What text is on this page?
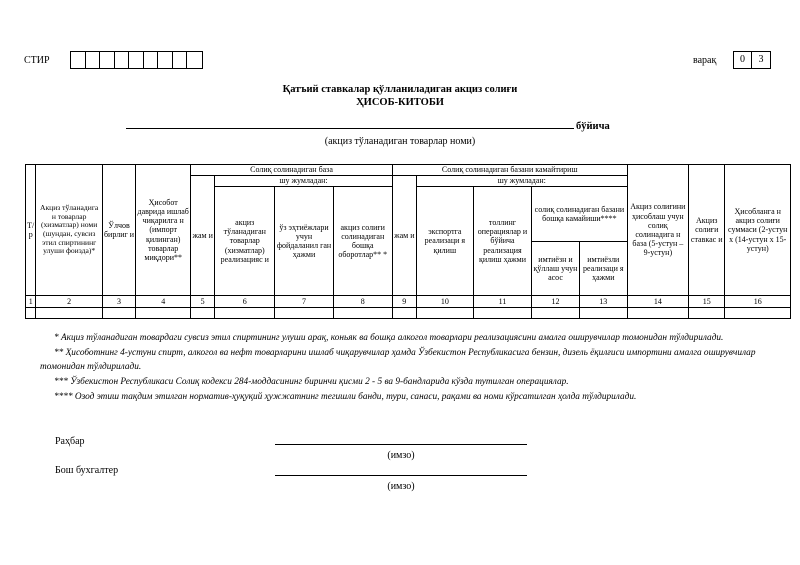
СТИР	варақ	0	3
Қатъий ставкалар қўлланиладиган акциз солиғи
ҲИСОБ-КИТОБИ
бўйича
(акциз тўланадиган товарлар номи)
Т/р	Акциз тўланадига н товарлар (хизматлар) номи (шундан, сувсиз этил спиртининг улуши фоизда)*	Ўлчов бирлиг и	Ҳисобот даврида ишлаб чиқарилга н (импорт қилинган) товарлар миқдори**	Солиқ солинадиган база				Солиқ солинадиган базани камайтириш					Акциз солиғини ҳисоблаш учун солиқ солинадига н база (5-устун – 9-устун)	Акциз солиғи ставкас и	Ҳисобланга н акциз солиғи суммаси (2-устун х (14-устун х 15-устун)
				жам и	шу жумладан:			жам и	шу жумладан:						
					акциз тўланадиган товарлар (хизматлар) реализацияс и	ўз эҳтиёжлари учун фойдаланил ган ҳажми	акциз солиғи солинадиган бошқа оборотлар** *		экспортга реализаци я қилиш	толлинг операциялар и бўйича реализация қилиш ҳажми	солиқ солинадиган базани бошқа камайиши****				
											имтиёзн и қўллаш учун асос	имтиёзли реализаци я ҳажми			
1	2	3	4	5	6	7	8	9	10	11	12	13	14	15	16

* Акциз тўланадиган товардаги сувсиз этил спиртининг улуши арақ, коньяк ва бошқа алкогол товарлари реализациясини амалга оширувчилар томонидан тўлдирилади.

** Ҳисоботнинг 4-устуни спирт, алкогол ва нефт товарларини ишлаб чиқарувчилар ҳамда Ўзбекистон Республикасига бензин, дизель ёқилғиси импортини амалга оширувчилар томонидан тўлдирилади.

*** Ўзбекистон Республикаси Солиқ кодекси 284-моддасининг биринчи қисми 2 - 5 ва 9-бандларида кўзда тутилган операциялар.

**** Озод этиш тақдим этилган норматив-ҳуқуқий ҳужжатнинг тегишли банди, тури, санаси, рақами ва номи кўрсатилган ҳолда тўлдирилади.

Раҳбар
(имзо)
Бош бухгалтер
(имзо)
